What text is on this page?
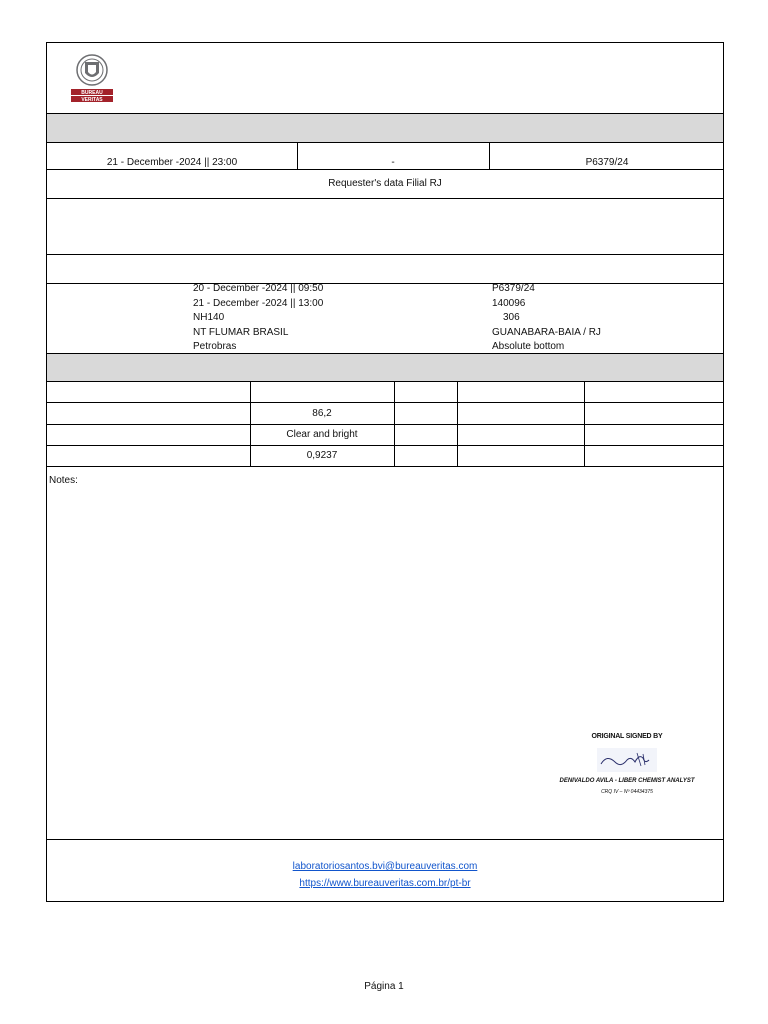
BUREAU
VERITAS
21 - December -2024 || 23:00	-	P6379/24
Requester's data Filial RJ
20 - December -2024 || 09:50
21 - December -2024 || 13:00
NH140
NT FLUMAR BRASIL
Petrobras
P6379/24
140096
306
GUANABARA-BAIA / RJ
Absolute bottom
86,2
Clear and bright
0,9237
Notes:
ORIGINAL SIGNED BY
DENIVALDO AVILA - LIBER CHEMIST ANALYST
CRQ IV – Nº 04434375
laboratoriosantos.bvi@bureauveritas.com
https://www.bureauveritas.com.br/pt-br
Página 1
